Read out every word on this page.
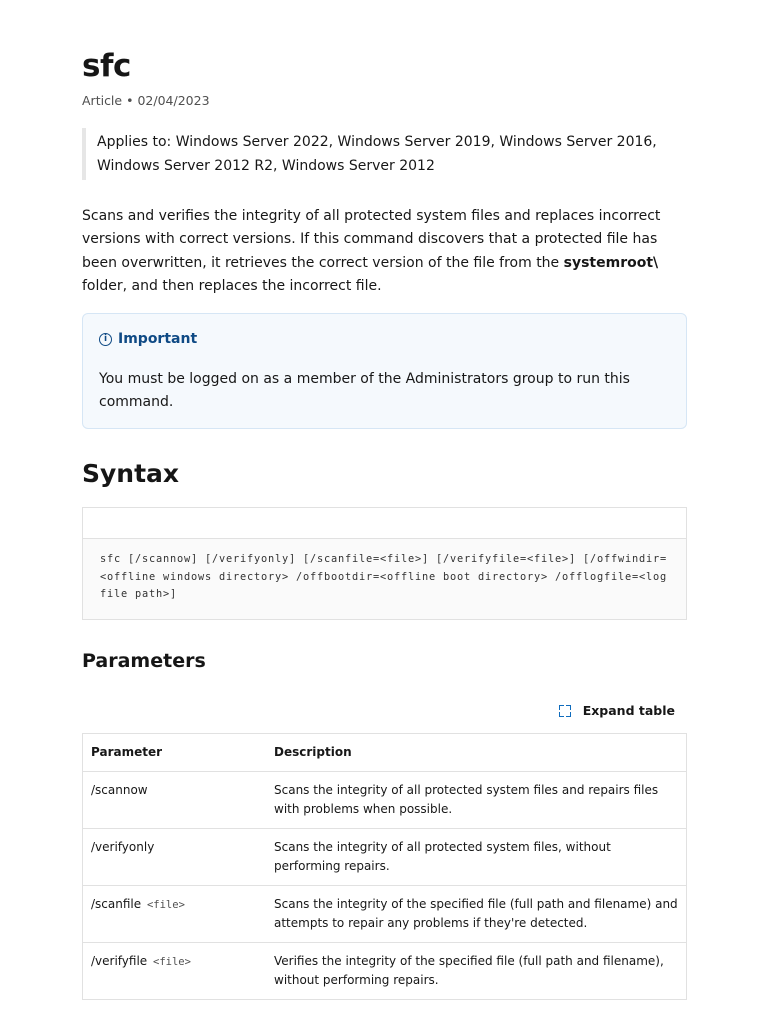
sfc
Article • 02/04/2023
Applies to: Windows Server 2022, Windows Server 2019, Windows Server 2016, Windows Server 2012 R2, Windows Server 2012

Scans and verifies the integrity of all protected system files and replaces incorrect versions with correct versions. If this command discovers that a protected file has been overwritten, it retrieves the correct version of the file from the systemroot\ folder, and then replaces the incorrect file.

i Important
You must be logged on as a member of the Administrators group to run this command.
Syntax
sfc [/scannow] [/verifyonly] [/scanfile=<file>] [/verifyfile=<file>] [/offwindir=<offline windows directory> /offbootdir=<offline boot directory> /offlogfile=<log file path>]
Parameters
Expand table
Parameter	Description
/scannow	Scans the integrity of all protected system files and repairs files with problems when possible.
/verifyonly	Scans the integrity of all protected system files, without performing repairs.
/scanfile <file>	Scans the integrity of the specified file (full path and filename) and attempts to repair any problems if they're detected.
/verifyfile <file>	Verifies the integrity of the specified file (full path and filename), without performing repairs.
